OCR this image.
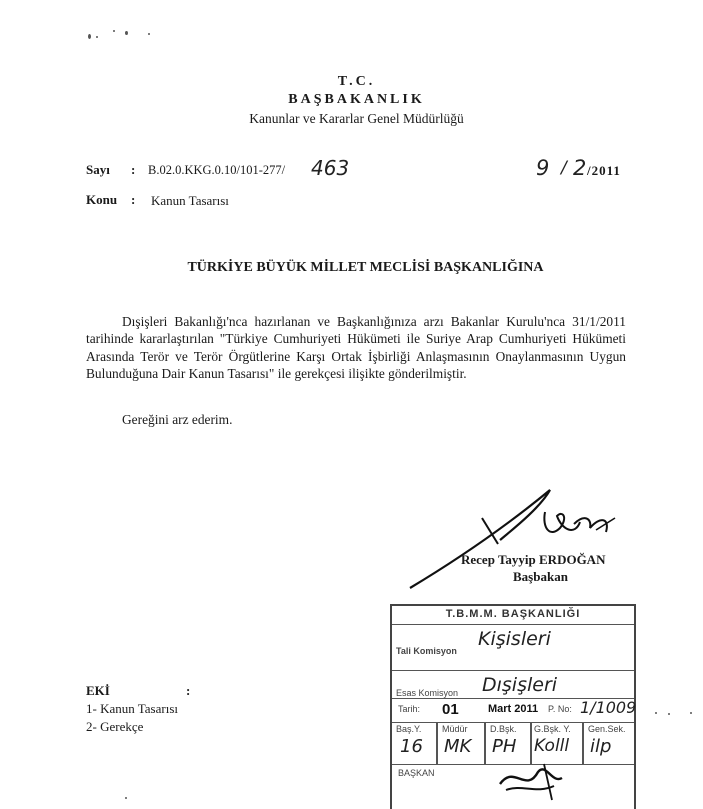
T.C.
BAŞBAKANLIK
Kanunlar ve Kararlar Genel Müdürlüğü
Sayı : B.02.0.KKG.0.10/101-277/ 463	9 / 2 /2011
Konu : Kanun Tasarısı
TÜRKİYE BÜYÜK MİLLET MECLİSİ BAŞKANLIĞINA
Dışişleri Bakanlığı'nca hazırlanan ve Başkanlığınıza arzı Bakanlar Kurulu'nca 31/1/2011 tarihinde kararlaştırılan "Türkiye Cumhuriyeti Hükümeti ile Suriye Arap Cumhuriyeti Hükümeti Arasında Terör ve Terör Örgütlerine Karşı Ortak İşbirliği Anlaşmasının Onaylanmasının Uygun Bulunduğuna Dair Kanun Tasarısı" ile gerekçesi ilişikte gönderilmiştir.
Gereğini arz ederim.
Recep Tayyip ERDOĞAN
Başbakan
EKİ	:
1- Kanun Tasarısı
2- Gerekçe
T.B.M.M. BAŞKANLIĞI
Tali Komisyon
Kişisleri
Esas Komisyon Dışişleri
Tarih: 01	Mart 2011 P. No: 1/1009
Baş.Y. Müdür D.Bşk. G.Bşk. Y. Gen.Sek.
16 MK PH Kolll ilp
BAŞKAN
